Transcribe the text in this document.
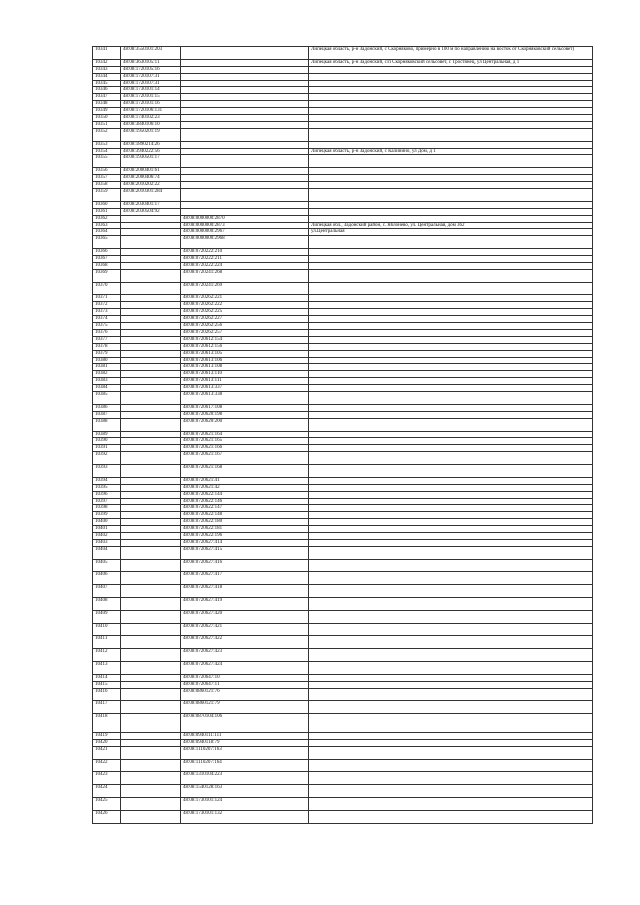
10341	48:08:3550101:203		Липецкая область, р-н Задонский, с Скорняково, примерно в 100 м по направлению на восток от Скорняковский сельсовет)
10342	48:08:3630105:11		Липецкая область, р-н Задонский, с/п Скорняковский сельсовет, с Тростянец, ул Центральная, д 1
10343	48:08:1720105:16		
10344	48:08:1720107:31		
10345	48:08:1720107:31		
10346	48:08:1730101:14		
10347	48:08:1720101:15		
10348	48:08:1720101:16		
10349	48:08:1720106:131		
10350	48:08:1740102:23		
10351	48:08:3840106:10		
10352	48:08:1950201:19		
10353	48:08:1890214:26		
10354	48:08:3940222:56		Липецкая область, р-н Задонский, с Калинино, ул Дом, д 1
10355	48:08:1930501:17		
10356	48:08:2000401:61		
10357	48:08:2000406:74		
10358	48:08:2010202:22		
10359	48:08:2010301:284		
10360	48:08:2030401:17		
10361	48:08:2030504:92		
10362		48:08:0000000:2870	
10363		48:08:0000000:2873	Липецкая обл., Задонский район, с. Яблонево, ул. Центральная, дом 362
10364		48:08:0000000:2967	ул.Центральная
10365		48:08:0000000:2968	
10366		48:08:0720222:210	
10367		48:08:0720222:211	
10368		48:08:0720222:224	
10369		48:08:0720241:268	
10370		48:08:0720241:269	
10371		48:08:0720262:221	
10372		48:08:0720262:222	
10373		48:08:0720262:225	
10374		48:08:0720262:227	
10375		48:08:0720262:256	
10376		48:08:0720262:257	
10377		48:08:0720612:154	
10378		48:08:0720612:156	
10379		48:08:0720613:105	
10380		48:08:0720613:106	
10381		48:08:0720613:108	
10382		48:08:0720613:110	
10383		48:08:0720613:111	
10384		48:08:0720613:337	
10385		48:08:0720613:338	
10386		48:08:0720617:108	
10387		48:08:0720620:198	
10388		48:08:0720620:200	
10389		48:08:0720621:164	
10390		48:08:0720621:165	
10391		48:08:0720621:166	
10392		48:08:0720621:167	
10393		48:08:0720621:168	
10394		48:08:0720621:41	
10395		48:08:0720621:42	
10396		48:08:0720622:144	
10397		48:08:0720622:146	
10398		48:08:0720622:147	
10399		48:08:0720622:148	
10400		48:08:0720622:180	
10401		48:08:0720622:181	
10402		48:08:0720622:196	
10403		48:08:0720627:414	
10404		48:08:0720627:415	
10405		48:08:0720627:416	
10406		48:08:0720627:417	
10407		48:08:0720627:418	
10408		48:08:0720627:419	
10409		48:08:0720627:420	
10410		48:08:0720627:421	
10411		48:08:0720627:422	
10412		48:08:0720627:423	
10413		48:08:0720627:424	
10414		48:08:0720647:10	
10415		48:08:0720647:11	
10416		48:08:0860121:76	
10417		48:08:0860121:79	
10418		48:08:0870104:106	
10419		48:08:0940111:111	
10420		48:08:0940118:79	
10421		48:08:1110207:163	
10422		48:08:1110207:164	
10423		48:08:1310104:223	
10424		48:08:1540128:163	
10425		48:08:1730101:124	
10426		48:08:1730101:132	
